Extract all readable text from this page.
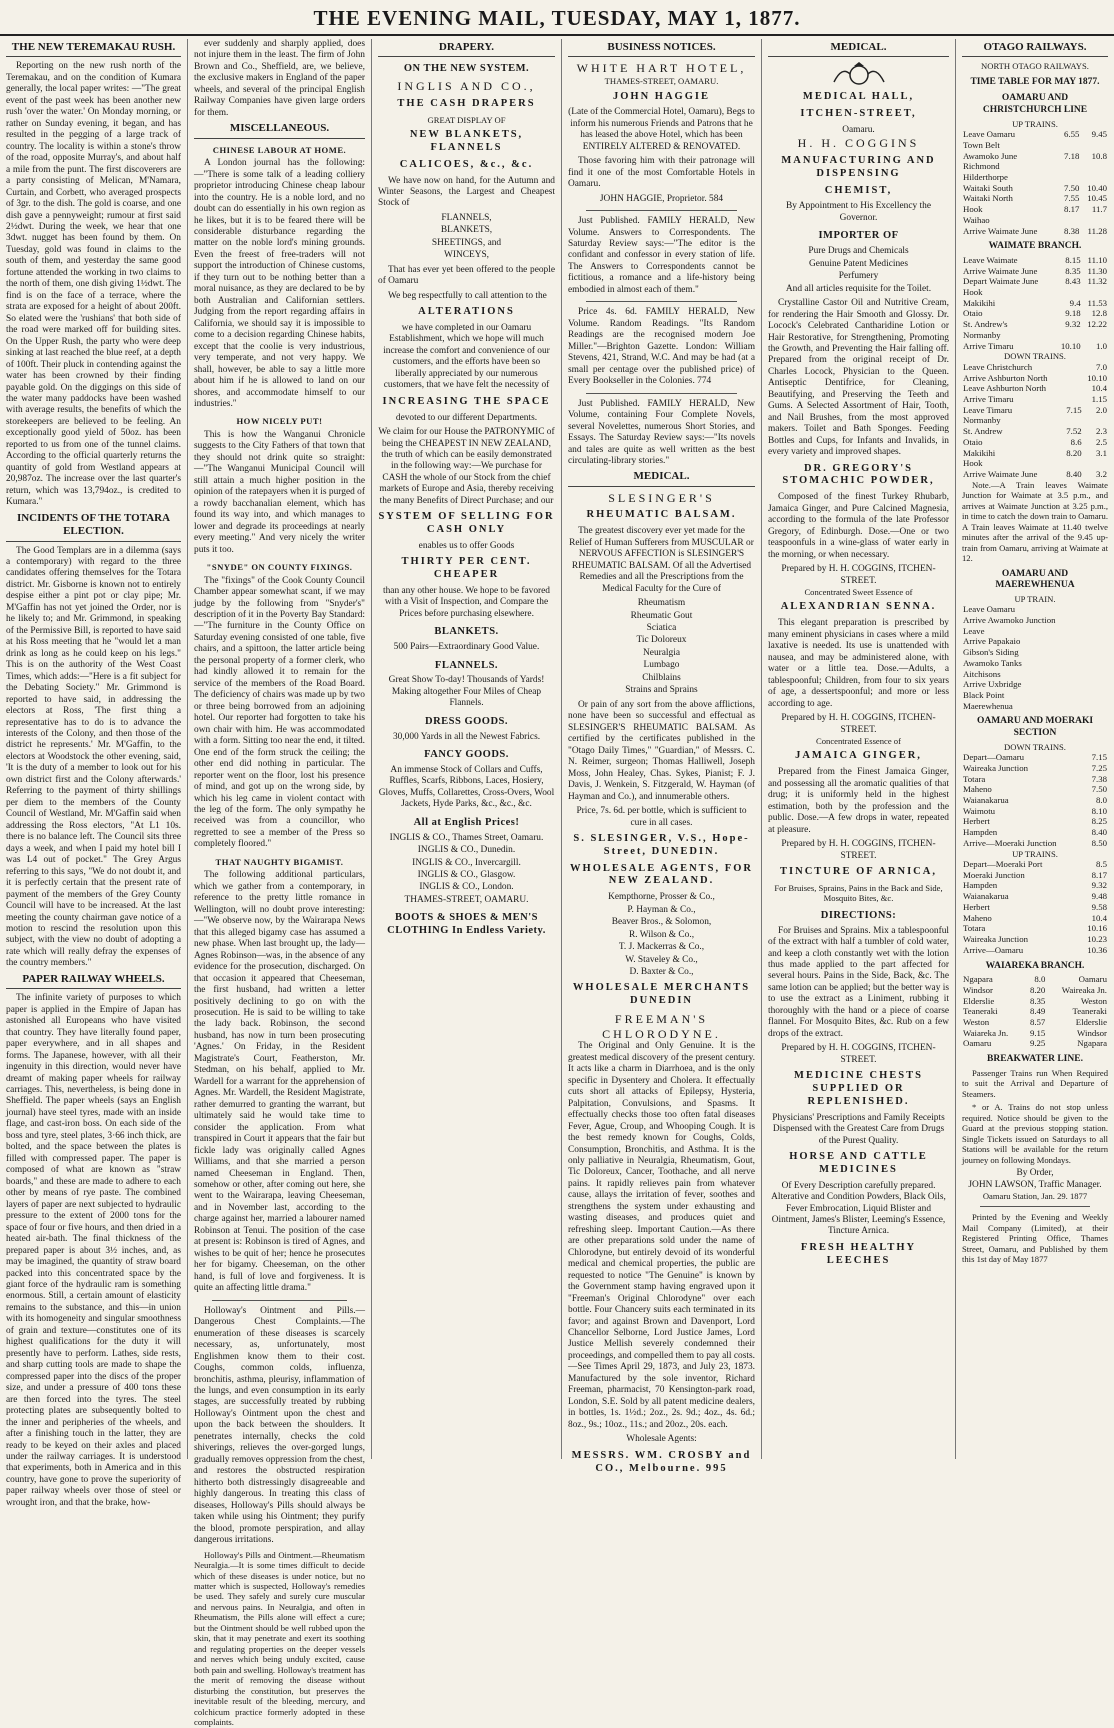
THE EVENING MAIL, TUESDAY, MAY 1, 1877.
THE NEW TEREMAKAU RUSH.

Reporting on the new rush north of the Teremakau, and on the condition of Kumara generally, the local paper writes: —"The great event of the past week has been another new rush 'over the water.' On Monday morning, or rather on Sunday evening, it began, and has resulted in the pegging of a large track of country. The locality is within a stone's throw of the road, opposite Murray's, and about half a mile from the punt. The first discoverers are a party consisting of Melican, M'Namara, Curtain, and Corbett, who averaged prospects of 3gr. to the dish. The gold is coarse, and one dish gave a pennyweight; rumour at first said 2½dwt. During the week, we hear that one 3dwt. nugget has been found by them. On Tuesday, gold was found in claims to the south of them, and yesterday the same good fortune attended the working in two claims to the north of them, one dish giving 1½dwt. The find is on the face of a terrace, where the strata are exposed for a height of about 200ft. So elated were the 'rushians' that both side of the road were marked off for building sites. On the Upper Rush, the party who were deep sinking at last reached the blue reef, at a depth of 100ft. Their pluck in contending against the water has been crowned by their finding payable gold. On the diggings on this side of the water many paddocks have been washed with average results, the benefits of which the storekeepers are believed to be feeling. An exceptionally good yield of 50oz. has been reported to us from one of the tunnel claims. According to the official quarterly returns the quantity of gold from Westland appears at 20,987oz. The increase over the last quarter's return, which was 13,794oz., is credited to Kumara."

INCIDENTS OF THE TOTARA ELECTION.

The Good Templars are in a dilemma (says a contemporary) with regard to the three candidates offering themselves for the Totara district. Mr. Gisborne is known not to entirely despise either a pint pot or clay pipe; Mr. M'Gaffin has not yet joined the Order, nor is he likely to; and Mr. Grimmond, in speaking of the Permissive Bill, is reported to have said at his Ross meeting that he "would let a man drink as long as he could keep on his legs." This is on the authority of the West Coast Times, which adds:—"Here is a fit subject for the Debating Society." Mr. Grimmond is reported to have said, in addressing the electors at Ross, 'The first thing a representative has to do is to advance the interests of the Colony, and then those of the district he represents.' Mr. M'Gaffin, to the electors at Woodstock the other evening, said, 'It is the duty of a member to look out for his own district first and the Colony afterwards.' Referring to the payment of thirty shillings per diem to the members of the County Council of Westland, Mr. M'Gaffin said when addressing the Ross electors, "At L1 10s. there is no balance left. The Council sits three days a week, and when I paid my hotel bill I was L4 out of pocket." The Grey Argus referring to this says, "We do not doubt it, and it is perfectly certain that the present rate of payment of the members of the Grey County Council will have to be increased. At the last meeting the county chairman gave notice of a motion to rescind the resolution upon this subject, with the view no doubt of adopting a rate which will really defray the expenses of the country members."

PAPER RAILWAY WHEELS.

The infinite variety of purposes to which paper is applied in the Empire of Japan has astonished all Europeans who have visited that country. They have literally found paper, paper everywhere, and in all shapes and forms. The Japanese, however, with all their ingenuity in this direction, would never have dreamt of making paper wheels for railway carriages. This, nevertheless, is being done in Sheffield. The paper wheels (says an English journal) have steel tyres, made with an inside flage, and cast-iron boss. On each side of the boss and tyre, steel plates, 3·66 inch thick, are bolted, and the space between the plates is filled with compressed paper. The paper is composed of what are known as "straw boards," and these are made to adhere to each other by means of rye paste. The combined layers of paper are next subjected to hydraulic pressure to the extent of 2000 tons for the space of four or five hours, and then dried in a heated air-bath. The final thickness of the prepared paper is about 3½ inches, and, as may be imagined, the quantity of straw board packed into this concentrated space by the giant force of the hydraulic ram is something enormous. Still, a certain amount of elasticity remains to the substance, and this—in union with its homogeneity and singular smoothness of grain and texture—constitutes one of its highest qualifications for the duty it will presently have to perform. Lathes, side rests, and sharp cutting tools are made to shape the compressed paper into the discs of the proper size, and under a pressure of 400 tons these are then forced into the tyres. The steel protecting plates are subsequently bolted to the inner and peripheries of the wheels, and after a finishing touch in the latter, they are ready to be keyed on their axles and placed under the railway carriages. It is understood that experiments, both in America and in this country, have gone to prove the superiority of paper railway wheels over those of steel or wrought iron, and that the brake, how-

ever suddenly and sharply applied, does not injure them in the least. The firm of John Brown and Co., Sheffield, are, we believe, the exclusive makers in England of the paper wheels, and several of the principal English Railway Companies have given large orders for them.

MISCELLANEOUS.
CHINESE LABOUR AT HOME.

A London journal has the following:—"There is some talk of a leading colliery proprietor introducing Chinese cheap labour into the country. He is a noble lord, and no doubt can do essentially in his own region as he likes, but it is to be feared there will be considerable disturbance regarding the matter on the noble lord's mining grounds. Even the freest of free-traders will not support the introduction of Chinese customs, if they turn out to be nothing better than a moral nuisance, as they are declared to be by both Australian and Californian settlers. Judging from the report regarding affairs in California, we should say it is impossible to come to a decision regarding Chinese habits, except that the coolie is very industrious, very temperate, and not very happy. We shall, however, be able to say a little more about him if he is allowed to land on our shores, and accommodate himself to our industries."

HOW NICELY PUT!

This is how the Wanganui Chronicle suggests to the City Fathers of that town that they should not drink quite so straight:—"The Wanganui Municipal Council will still attain a much higher position in the opinion of the ratepayers when it is purged of a rowdy bacchanalian element, which has found its way into, and which manages to lower and degrade its proceedings at nearly every meeting." And very nicely the writer puts it too.

"SNYDE" ON COUNTY FIXINGS.

The "fixings" of the Cook County Council Chamber appear somewhat scant, if we may judge by the following from "Snyder's" description of it in the Poverty Bay Standard:—"The furniture in the County Office on Saturday evening consisted of one table, five chairs, and a spittoon, the latter article being the personal property of a former clerk, who had kindly allowed it to remain for the service of the members of the Road Board. The deficiency of chairs was made up by two or three being borrowed from an adjoining hotel. Our reporter had forgotten to take his own chair with him. He was accommodated with a form. Sitting too near the end, it tilted. One end of the form struck the ceiling; the other end did nothing in particular. The reporter went on the floor, lost his presence of mind, and got up on the wrong side, by which his leg came in violent contact with the leg of the form. The only sympathy he received was from a councillor, who regretted to see a member of the Press so completely floored."

THAT NAUGHTY BIGAMIST.

The following additional particulars, which we gather from a contemporary, in reference to the pretty little romance in Wellington, will no doubt prove interesting:—"We observe now, by the Wairarapa News that this alleged bigamy case has assumed a new phase. When last brought up, the lady—Agnes Robinson—was, in the absence of any evidence for the prosecution, discharged. On that occasion it appeared that Cheeseman, the first husband, had written a letter positively declining to go on with the prosecution. He is said to be willing to take the lady back. Robinson, the second husband, has now in turn been prosecuting 'Agnes.' On Friday, in the Resident Magistrate's Court, Featherston, Mr. Stedman, on his behalf, applied to Mr. Wardell for a warrant for the apprehension of Agnes. Mr. Wardell, the Resident Magistrate, rather demurred to granting the warrant, but ultimately said he would take time to consider the application. From what transpired in Court it appears that the fair but fickle lady was originally called Agnes Williams, and that she married a person named Cheeseman in England. Then, somehow or other, after coming out here, she went to the Wairarapa, leaving Cheeseman, and in November last, according to the charge against her, married a labourer named Robinson at Tenui. The position of the case at present is: Robinson is tired of Agnes, and wishes to be quit of her; hence he prosecutes her for bigamy. Cheeseman, on the other hand, is full of love and forgiveness. It is quite an affecting little drama."

Holloway's Ointment and Pills.—Dangerous Chest Complaints.—The enumeration of these diseases is scarcely necessary, as, unfortunately, most Englishmen know them to their cost. Coughs, common colds, influenza, bronchitis, asthma, pleurisy, inflammation of the lungs, and even consumption in its early stages, are successfully treated by rubbing Holloway's Ointment upon the chest and upon the back between the shoulders. It penetrates internally, checks the cold shiverings, relieves the over-gorged lungs, gradually removes oppression from the chest, and restores the obstructed respiration hitherto both distressingly disagreeable and highly dangerous. In treating this class of diseases, Holloway's Pills should always be taken while using his Ointment; they purify the blood, promote perspiration, and allay dangerous irritations.

Holloway's Pills and Ointment.—Rheumatism Neuralgia.—It is some times difficult to decide which of these diseases is under notice, but no matter which is suspected, Holloway's remedies be used. They safely and surely cure muscular and nervous pains. In Neuralgia, and often in Rheumatism, the Pills alone will effect a cure; but the Ointment should be well rubbed upon the skin, that it may penetrate and exert its soothing and regulating properties on the deeper vessels and nerves which being unduly excited, cause both pain and swelling. Holloway's treatment has the merit of removing the disease without disturbing the constitution, but preserves the inevitable result of the bleeding, mercury, and colchicum practice formerly adopted in these complaints.

DRAPERY.
ON THE NEW SYSTEM.
INGLIS AND CO.,
THE CASH DRAPERS
GREAT DISPLAY OF
NEW BLANKETS, FLANNELS
CALICOES, &c., &c.

We have now on hand, for the Autumn and Winter Seasons, the Largest and Cheapest Stock of

FLANNELS,
BLANKETS,
SHEETINGS, and
WINCEYS,

That has ever yet been offered to the people of Oamaru

We beg respectfully to call attention to the

ALTERATIONS

we have completed in our Oamaru Establishment, which we hope will much increase the comfort and convenience of our customers, and the efforts have been so liberally appreciated by our numerous customers, that we have felt the necessity of

INCREASING THE SPACE

devoted to our different Departments.

We claim for our House the PATRONYMIC of being the CHEAPEST IN NEW ZEALAND, the truth of which can be easily demonstrated in the following way:—We purchase for CASH the whole of our Stock from the chief markets of Europe and Asia, thereby receiving the many Benefits of Direct Purchase; and our

SYSTEM OF SELLING FOR CASH ONLY

enables us to offer Goods

THIRTY PER CENT. CHEAPER

than any other house. We hope to be favored with a Visit of Inspection, and Compare the Prices before purchasing elsewhere.

BLANKETS.

500 Pairs—Extraordinary Good Value.

FLANNELS.

Great Show To-day! Thousands of Yards! Making altogether Four Miles of Cheap Flannels.

DRESS GOODS.

30,000 Yards in all the Newest Fabrics.

FANCY GOODS.

An immense Stock of Collars and Cuffs, Ruffles, Scarfs, Ribbons, Laces, Hosiery, Gloves, Muffs, Collarettes, Cross-Overs, Wool Jackets, Hyde Parks, &c., &c., &c.

All at English Prices!
INGLIS & CO., Thames Street, Oamaru.
INGLIS & CO., Dunedin.
INGLIS & CO., Invercargill.
INGLIS & CO., Glasgow.
INGLIS & CO., London.
THAMES-STREET, OAMARU.
BOOTS & SHOES & MEN'S CLOTHING In Endless Variety.
BUSINESS NOTICES.
WHITE HART HOTEL,
THAMES-STREET, OAMARU.
JOHN HAGGIE

(Late of the Commercial Hotel, Oamaru), Begs to inform his numerous Friends and Patrons that he has leased the above Hotel, which has been ENTIRELY ALTERED & RENOVATED.

Those favoring him with their patronage will find it one of the most Comfortable Hotels in Oamaru.

JOHN HAGGIE, Proprietor. 584

Just Published. FAMILY HERALD, New Volume. Answers to Correspondents. The Saturday Review says:—"The editor is the confidant and confessor in every station of life. The Answers to Correspondents cannot be fictitious, a romance and a life-history being embodied in almost each of them."

Price 4s. 6d. FAMILY HERALD, New Volume. Random Readings. "Its Random Readings are the recognised modern Joe Miller."—Brighton Gazette. London: William Stevens, 421, Strand, W.C. And may be had (at a small per centage over the published price) of Every Bookseller in the Colonies. 774

Just Published. FAMILY HERALD, New Volume, containing Four Complete Novels, several Novelettes, numerous Short Stories, and Essays. The Saturday Review says:—"Its novels and tales are quite as well written as the best circulating-library stories."

MEDICAL.
SLESINGER'S
RHEUMATIC BALSAM.

The greatest discovery ever yet made for the Relief of Human Sufferers from MUSCULAR or NERVOUS AFFECTION is SLESINGER'S RHEUMATIC BALSAM. Of all the Advertised Remedies and all the Prescriptions from the Medical Faculty for the Cure of

Rheumatism
Rheumatic Gout
Sciatica
Tic Doloreux
Neuralgia
Lumbago
Chilblains
Strains and Sprains

Or pain of any sort from the above afflictions, none have been so successful and effectual as SLESINGER'S RHEUMATIC BALSAM. As certified by the certificates published in the "Otago Daily Times," "Guardian," of Messrs. C. N. Reimer, surgeon; Thomas Halliwell, Joseph Moss, John Healey, Chas. Sykes, Pianist; F. J. Davis, J. Wenkein, S. Fitzgerald, W. Hayman (of Hayman and Co.), and innumerable others.

Price, 7s. 6d. per bottle, which is sufficient to cure in all cases.

S. SLESINGER, V.S., Hope-Street, DUNEDIN.
WHOLESALE AGENTS, FOR NEW ZEALAND.
Kempthorne, Prosser & Co.,
P. Hayman & Co.,
Beaver Bros., & Solomon,
R. Wilson & Co.,
T. J. Mackerras & Co.,
W. Staveley & Co.,
D. Baxter & Co.,
WHOLESALE MERCHANTS DUNEDIN
FREEMAN'S CHLORODYNE.

The Original and Only Genuine. It is the greatest medical discovery of the present century. It acts like a charm in Diarrhoea, and is the only specific in Dysentery and Cholera. It effectually cuts short all attacks of Epilepsy, Hysteria, Palpitation, Convulsions, and Spasms. It effectually checks those too often fatal diseases Fever, Ague, Croup, and Whooping Cough. It is the best remedy known for Coughs, Colds, Consumption, Bronchitis, and Asthma. It is the only palliative in Neuralgia, Rheumatism, Gout, Tic Doloreux, Cancer, Toothache, and all nerve pains. It rapidly relieves pain from whatever cause, allays the irritation of fever, soothes and strengthens the system under exhausting and wasting diseases, and produces quiet and refreshing sleep. Important Caution.—As there are other preparations sold under the name of Chlorodyne, but entirely devoid of its wonderful medical and chemical properties, the public are requested to notice "The Genuine" is known by the Government stamp having engraved upon it "Freeman's Original Chlorodyne" over each bottle. Four Chancery suits each terminated in its favor; and against Brown and Davenport, Lord Chancellor Selborne, Lord Justice James, Lord Justice Mellish severely condemned their proceedings, and compelled them to pay all costs.—See Times April 29, 1873, and July 23, 1873. Manufactured by the sole inventor, Richard Freeman, pharmacist, 70 Kensington-park road, London, S.E. Sold by all patent medicine dealers, in bottles, 1s. 1½d.; 2oz., 2s. 9d.; 4oz., 4s. 6d.; 8oz., 9s.; 10oz., 11s.; and 20oz., 20s. each.

Wholesale Agents:
MESSRS. WM. CROSBY and CO., Melbourne. 995
MEDICAL.
MEDICAL HALL,
ITCHEN-STREET,
Oamaru.
H. H. COGGINS
MANUFACTURING AND DISPENSING
CHEMIST,
By Appointment to His Excellency the Governor.
IMPORTER OF
Pure Drugs and Chemicals
Genuine Patent Medicines
Perfumery
And all articles requisite for the Toilet.

Crystalline Castor Oil and Nutritive Cream, for rendering the Hair Smooth and Glossy. Dr. Locock's Celebrated Cantharidine Lotion or Hair Restorative, for Strengthening, Promoting the Growth, and Preventing the Hair falling off. Prepared from the original receipt of Dr. Charles Locock, Physician to the Queen. Antiseptic Dentifrice, for Cleaning, Beautifying, and Preserving the Teeth and Gums. A Selected Assortment of Hair, Tooth, and Nail Brushes, from the most approved makers. Toilet and Bath Sponges. Feeding Bottles and Cups, for Infants and Invalids, in every variety and improved shapes.

DR. GREGORY'S STOMACHIC POWDER,

Composed of the finest Turkey Rhubarb, Jamaica Ginger, and Pure Calcined Magnesia, according to the formula of the late Professor Gregory, of Edinburgh. Dose.—One or two teaspoonfuls in a wine-glass of water early in the morning, or when necessary.

Prepared by H. H. COGGINS, ITCHEN-STREET.
Concentrated Sweet Essence of
ALEXANDRIAN SENNA.

This elegant preparation is prescribed by many eminent physicians in cases where a mild laxative is needed. Its use is unattended with nausea, and may be administered alone, with water or a little tea. Dose.—Adults, a tablespoonful; Children, from four to six years of age, a dessertspoonful; and more or less according to age.

Prepared by H. H. COGGINS, ITCHEN-STREET.
Concentrated Essence of
JAMAICA GINGER,

Prepared from the Finest Jamaica Ginger, and possessing all the aromatic qualities of that drug; it is uniformly held in the highest estimation, both by the profession and the public. Dose.—A few drops in water, repeated at pleasure.

Prepared by H. H. COGGINS, ITCHEN-STREET.
TINCTURE OF ARNICA,
For Bruises, Sprains, Pains in the Back and Side, Mosquito Bites, &c.
DIRECTIONS:

For Bruises and Sprains. Mix a tablespoonful of the extract with half a tumbler of cold water, and keep a cloth constantly wet with the lotion thus made applied to the part affected for several hours. Pains in the Side, Back, &c. The same lotion can be applied; but the better way is to use the extract as a Liniment, rubbing it thoroughly with the hand or a piece of coarse flannel. For Mosquito Bites, &c. Rub on a few drops of the extract.

Prepared by H. H. COGGINS, ITCHEN-STREET.
MEDICINE CHESTS SUPPLIED OR REPLENISHED.

Physicians' Prescriptions and Family Receipts Dispensed with the Greatest Care from Drugs of the Purest Quality.

HORSE AND CATTLE MEDICINES

Of Every Description carefully prepared. Alterative and Condition Powders, Black Oils, Fever Embrocation, Liquid Blister and Ointment, James's Blister, Leeming's Essence, Tincture Arnica.

FRESH HEALTHY LEECHES
OTAGO RAILWAYS.
NORTH OTAGO RAILWAYS.
TIME TABLE FOR MAY 1877.
OAMARU AND CHRISTCHURCH LINE
UP TRAINS.
Leave Oamaru	6.55	9.45
Town Belt		
Awamoko June	7.18	10.8
Richmond		
Hilderthorpe		
Waitaki South	7.50	10.40
Waitaki North	7.55	10.45
Hook	8.17	11.7
Waihao		
Arrive Waimate June	8.38	11.28
WAIMATE BRANCH.
Leave Waimate	8.15	11.10
Arrive Waimate June	8.35	11.30
Depart Waimate June	8.43	11.32
Hook		
Makikihi	9.4	11.53
Otaio	9.18	12.8
St. Andrew's	9.32	12.22
Normanby		
Arrive Timaru	10.10	1.0
DOWN TRAINS.
Leave Christchurch		7.0
Arrive Ashburton North		10.10
Leave Ashburton North		10.4
Arrive Timaru		1.15
Leave Timaru	7.15	2.0
Normanby		
St. Andrew	7.52	2.3
Otaio	8.6	2.5
Makikihi	8.20	3.1
Hook		
Arrive Waimate June	8.40	3.2

Note.—A Train leaves Waimate Junction for Waimate at 3.5 p.m., and arrives at Waimate Junction at 3.25 p.m., in time to catch the down train to Oamaru. A Train leaves Waimate at 11.40 twelve minutes after the arrival of the 9.45 up-train from Oamaru, arriving at Waimate at 12.

OAMARU AND MAEREWHENUA
UP TRAIN.
Leave Oamaru
Arrive Awamoko Junction
Leave
Arrive Papakaio
Gibson's Siding
Awamoko Tanks
Aitchisons
Arrive Uxbridge
Black Point
Maerewhenua
OAMARU AND MOERAKI SECTION
DOWN TRAINS.
Depart—Oamaru	7.15
Waireaka Junction	7.25
Totara	7.38
Maheno	7.50
Waianakarua	8.0
Waimotu	8.10
Herbert	8.25
Hampden	8.40
Arrive—Moeraki Junction	8.50
UP TRAINS.
Depart—Moeraki Port	8.5
Moeraki Junction	8.17
Hampden	9.32
Waianakarua	9.48
Herbert	9.58
Maheno	10.4
Totara	10.16
Waireaka Junction	10.23
Arrive—Oamaru	10.36
WAIAREKA BRANCH.
Ngapara	8.0	Oamaru
Windsor	8.20	Waireaka Jn.
Elderslie	8.35	Weston
Teaneraki	8.49	Teaneraki
Weston	8.57	Elderslie
Waiareka Jn.	9.15	Windsor
Oamaru	9.25	Ngapara
BREAKWATER LINE.

Passenger Trains run When Required to suit the Arrival and Departure of Steamers.

* or A. Trains do not stop unless required. Notice should be given to the Guard at the previous stopping station. Single Tickets issued on Saturdays to all Stations will be available for the return journey on following Mondays.

By Order,
JOHN LAWSON, Traffic Manager.
Oamaru Station, Jan. 29. 1877

Printed by the Evening and Weekly Mail Company (Limited), at their Registered Printing Office, Thames Street, Oamaru, and Published by them this 1st day of May 1877
